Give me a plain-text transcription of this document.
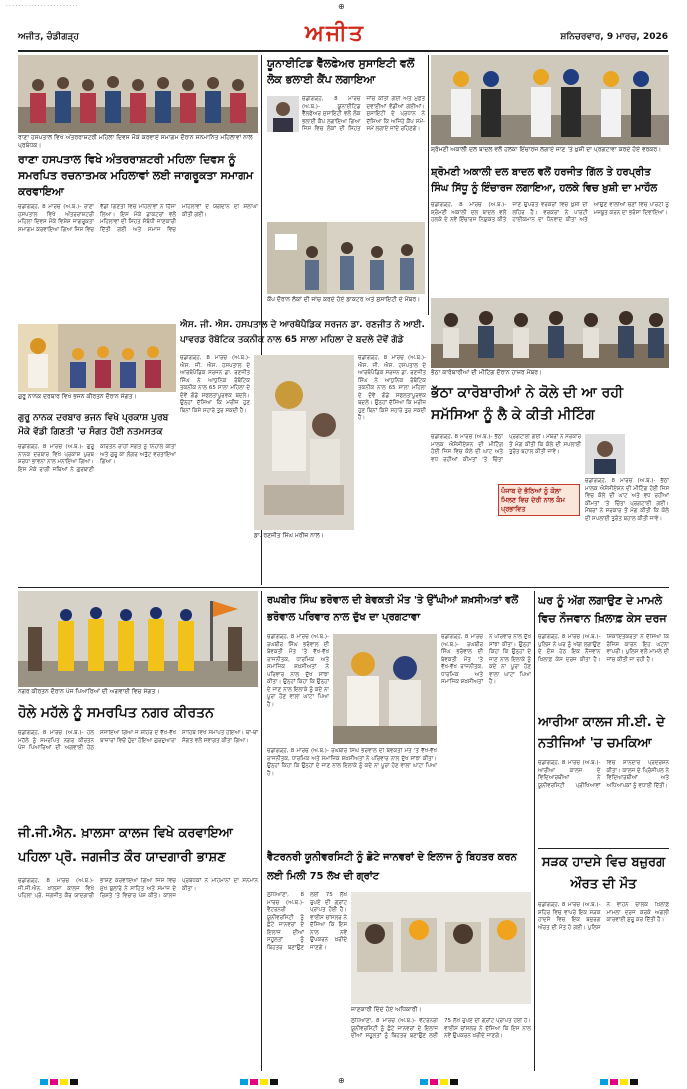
· · · · · · · · · · · · · · · · · · · · · · ·	⊕
ਅਜੀਤ, ਚੰਡੀਗੜ੍ਹ	ਅਜੀਤ	ਸ਼ਨਿਚਰਵਾਰ, 9 ਮਾਰਚ, 2026
ਰਾਣਾ ਹਸਪਤਾਲ ਵਿਖੇ ਅੰਤਰਰਾਸ਼ਟਰੀ ਮਹਿਲਾ ਦਿਵਸ ਮੌਕੇ ਕਰਵਾਏ ਸਮਾਗਮ ਦੌਰਾਨ ਸਨਮਾਨਿਤ ਮਹਿਲਾਵਾਂ ਨਾਲ ਪ੍ਰਬੰਧਕ।
ਰਾਣਾ ਹਸਪਤਾਲ ਵਿਖੇ ਅੰਤਰਰਾਸ਼ਟਰੀ ਮਹਿਲਾ ਦਿਵਸ ਨੂੰ ਸਮਰਪਿਤ ਰਚਨਾਤਮਕ ਮਹਿਲਾਵਾਂ ਲਈ ਜਾਗਰੂਕਤਾ ਸਮਾਗਮ ਕਰਵਾਇਆ
ਚੰਡੀਗੜ੍ਹ, 8 ਮਾਰਚ (ਅ.ਬ.)- ਰਾਣਾ ਹਸਪਤਾਲ ਵਿਖੇ ਅੰਤਰਰਾਸ਼ਟਰੀ ਮਹਿਲਾ ਦਿਵਸ ਮੌਕੇ ਵਿਸ਼ੇਸ਼ ਜਾਗਰੂਕਤਾ ਸਮਾਗਮ ਕਰਵਾਇਆ ਗਿਆ ਜਿਸ ਵਿਚ ਵੱਡੀ ਗਿਣਤੀ ਵਿਚ ਮਹਿਲਾਵਾਂ ਨੇ ਹਿੱਸਾ ਲਿਆ। ਇਸ ਮੌਕੇ ਡਾਕਟਰਾਂ ਵਲੋਂ ਮਹਿਲਾਵਾਂ ਦੀ ਸਿਹਤ ਸੰਬੰਧੀ ਜਾਣਕਾਰੀ ਦਿੱਤੀ ਗਈ ਅਤੇ ਸਮਾਜ ਵਿਚ ਮਹਿਲਾਵਾਂ ਦੇ ਯੋਗਦਾਨ ਦੀ ਸ਼ਲਾਘਾ ਕੀਤੀ ਗਈ।
ਯੂਨਾਈਟਿਡ ਵੈੱਲਫੇਅਰ ਸੁਸਾਇਟੀ ਵਲੋਂ ਲੋਕ ਭਲਾਈ ਕੈਂਪ ਲਗਾਇਆ
ਚੰਡੀਗੜ੍ਹ, 8 ਮਾਰਚ (ਅ.ਬ.)- ਯੂਨਾਈਟਿਡ ਵੈੱਲਫੇਅਰ ਸੁਸਾਇਟੀ ਵਲੋਂ ਲੋਕ ਭਲਾਈ ਕੈਂਪ ਲਗਾਇਆ ਗਿਆ ਜਿਸ ਵਿਚ ਲੋਕਾਂ ਦੀ ਸਿਹਤ ਜਾਂਚ ਕੀਤੀ ਗਈ ਅਤੇ ਮੁਫ਼ਤ ਦਵਾਈਆਂ ਵੰਡੀਆਂ ਗਈਆਂ। ਸੁਸਾਇਟੀ ਦੇ ਪ੍ਰਧਾਨ ਨੇ ਦੱਸਿਆ ਕਿ ਅਜਿਹੇ ਕੈਂਪ ਸਮੇਂ-ਸਮੇਂ ਲਗਾਏ ਜਾਂਦੇ ਰਹਿਣਗੇ।
ਕੈਂਪ ਦੌਰਾਨ ਲੋਕਾਂ ਦੀ ਜਾਂਚ ਕਰਦੇ ਹੋਏ ਡਾਕਟਰ ਅਤੇ ਸੁਸਾਇਟੀ ਦੇ ਮੈਂਬਰ।
ਸ਼੍ਰੋਮਣੀ ਅਕਾਲੀ ਦਲ ਬਾਦਲ ਵਲੋਂ ਹਲਕਾ ਇੰਚਾਰਜ ਲਗਾਏ ਜਾਣ 'ਤੇ ਖ਼ੁਸ਼ੀ ਦਾ ਪ੍ਰਗਟਾਵਾ ਕਰਦੇ ਹੋਏ ਵਰਕਰ।
ਸ਼੍ਰੋਮਣੀ ਅਕਾਲੀ ਦਲ ਬਾਦਲ ਵਲੋਂ ਹਰਜੀਤ ਗਿੱਲ ਤੇ ਹਰਪ੍ਰੀਤ ਸਿੰਘ ਸਿੱਧੂ ਨੂੰ ਇੰਚਾਰਜ ਲਗਾਇਆ, ਹਲਕੇ ਵਿਚ ਖ਼ੁਸ਼ੀ ਦਾ ਮਾਹੌਲ
ਚੰਡੀਗੜ੍ਹ, 8 ਮਾਰਚ (ਅ.ਬ.)- ਸ਼੍ਰੋਮਣੀ ਅਕਾਲੀ ਦਲ ਬਾਦਲ ਵਲੋਂ ਹਲਕੇ ਦੇ ਨਵੇਂ ਇੰਚਾਰਜ ਨਿਯੁਕਤ ਕੀਤੇ ਜਾਣ ਉਪਰੰਤ ਵਰਕਰਾਂ ਵਿਚ ਖ਼ੁਸ਼ੀ ਦੀ ਲਹਿਰ ਹੈ। ਵਰਕਰਾਂ ਨੇ ਪਾਰਟੀ ਹਾਈਕਮਾਨ ਦਾ ਧੰਨਵਾਦ ਕੀਤਾ ਅਤੇ ਆਉਣ ਵਾਲੀਆਂ ਚੋਣਾਂ ਵਿਚ ਪਾਰਟੀ ਨੂੰ ਮਜ਼ਬੂਤ ਕਰਨ ਦਾ ਭਰੋਸਾ ਦਿਵਾਇਆ।
ਭੱਠਾ ਕਾਰੋਬਾਰੀਆਂ ਦੀ ਮੀਟਿੰਗ ਦੌਰਾਨ ਹਾਜ਼ਰ ਮੈਂਬਰ।
ਐਸ. ਜੀ. ਐਸ. ਹਸਪਤਾਲ ਦੇ ਆਰਥੋਪੈਡਿਕ ਸਰਜਨ ਡਾ. ਰਣਜੀਤ ਨੇ ਆਈ. ਪਾਵਰਡ ਰੋਬੋਟਿਕ ਤਕਨੀਕ ਨਾਲ 65 ਸਾਲਾ ਮਹਿਲਾ ਦੇ ਬਦਲੇ ਦੋਵੇਂ ਗੋਡੇ
ਚੰਡੀਗੜ੍ਹ, 8 ਮਾਰਚ (ਅ.ਬ.)- ਐਸ. ਜੀ. ਐਸ. ਹਸਪਤਾਲ ਦੇ ਆਰਥੋਪੈਡਿਕ ਸਰਜਨ ਡਾ. ਰਣਜੀਤ ਸਿੰਘ ਨੇ ਆਧੁਨਿਕ ਰੋਬੋਟਿਕ ਤਕਨੀਕ ਨਾਲ 65 ਸਾਲਾ ਮਹਿਲਾ ਦੇ ਦੋਵੇਂ ਗੋਡੇ ਸਫਲਤਾਪੂਰਵਕ ਬਦਲੇ। ਉਨ੍ਹਾਂ ਦੱਸਿਆ ਕਿ ਮਰੀਜ਼ ਹੁਣ ਬਿਨਾਂ ਕਿਸੇ ਸਹਾਰੇ ਤੁਰ ਸਕਦੀ ਹੈ।
ਡਾ. ਰਣਜੀਤ ਸਿੰਘ ਮਰੀਜ਼ ਨਾਲ।
ਚੰਡੀਗੜ੍ਹ, 8 ਮਾਰਚ (ਅ.ਬ.)- ਐਸ. ਜੀ. ਐਸ. ਹਸਪਤਾਲ ਦੇ ਆਰਥੋਪੈਡਿਕ ਸਰਜਨ ਡਾ. ਰਣਜੀਤ ਸਿੰਘ ਨੇ ਆਧੁਨਿਕ ਰੋਬੋਟਿਕ ਤਕਨੀਕ ਨਾਲ 65 ਸਾਲਾ ਮਹਿਲਾ ਦੇ ਦੋਵੇਂ ਗੋਡੇ ਸਫਲਤਾਪੂਰਵਕ ਬਦਲੇ। ਉਨ੍ਹਾਂ ਦੱਸਿਆ ਕਿ ਮਰੀਜ਼ ਹੁਣ ਬਿਨਾਂ ਕਿਸੇ ਸਹਾਰੇ ਤੁਰ ਸਕਦੀ ਹੈ।
ਗੁਰੂ ਨਾਨਕ ਦਰਬਾਰ ਵਿਖੇ ਭਜਨ ਕੀਰਤਨ ਦੌਰਾਨ ਸੰਗਤ।
ਗੁਰੂ ਨਾਨਕ ਦਰਬਾਰ ਭਜਨ ਵਿਖੇ ਪ੍ਰਕਾਸ਼ ਪੁਰਬ ਮੌਕੇ ਵੱਡੀ ਗਿਣਤੀ 'ਚ ਸੰਗਤ ਹੋਈ ਨਤਮਸਤਕ
ਚੰਡੀਗੜ੍ਹ, 8 ਮਾਰਚ (ਅ.ਬ.)- ਗੁਰੂ ਨਾਨਕ ਦਰਬਾਰ ਵਿਖੇ ਪ੍ਰਕਾਸ਼ ਪੁਰਬ ਸ਼ਰਧਾ ਭਾਵਨਾ ਨਾਲ ਮਨਾਇਆ ਗਿਆ। ਇਸ ਮੌਕੇ ਰਾਗੀ ਜਥਿਆਂ ਨੇ ਗੁਰਬਾਣੀ ਕੀਰਤਨ ਰਾਹੀਂ ਸੰਗਤ ਨੂੰ ਨਿਹਾਲ ਕੀਤਾ ਅਤੇ ਗੁਰੂ ਕਾ ਲੰਗਰ ਅਤੁੱਟ ਵਰਤਾਇਆ ਗਿਆ।
ਭੱਠਾ ਕਾਰੋਬਾਰੀਆਂ ਨੇ ਕੋਲੇ ਦੀ ਆ ਰਹੀ ਸਮੱਸਿਆ ਨੂੰ ਲੈ ਕੇ ਕੀਤੀ ਮੀਟਿੰਗ
ਚੰਡੀਗੜ੍ਹ, 8 ਮਾਰਚ (ਅ.ਬ.)- ਭੱਠਾ ਮਾਲਕ ਐਸੋਸੀਏਸ਼ਨ ਦੀ ਮੀਟਿੰਗ ਹੋਈ ਜਿਸ ਵਿਚ ਕੋਲੇ ਦੀ ਘਾਟ ਅਤੇ ਵਧ ਰਹੀਆਂ ਕੀਮਤਾਂ 'ਤੇ ਚਿੰਤਾ ਪ੍ਰਗਟਾਈ ਗਈ। ਮੈਂਬਰਾਂ ਨੇ ਸਰਕਾਰ ਤੋਂ ਮੰਗ ਕੀਤੀ ਕਿ ਕੋਲੇ ਦੀ ਸਪਲਾਈ ਤੁਰੰਤ ਬਹਾਲ ਕੀਤੀ ਜਾਵੇ।
ਪੰਜਾਬ ਦੇ ਭੱਠਿਆਂ ਨੂੰ ਕੋਲਾ ਮਿਲਣ ਵਿਚ ਦੇਰੀ ਨਾਲ ਕੰਮ ਪ੍ਰਭਾਵਿਤ
ਚੰਡੀਗੜ੍ਹ, 8 ਮਾਰਚ (ਅ.ਬ.)- ਭੱਠਾ ਮਾਲਕ ਐਸੋਸੀਏਸ਼ਨ ਦੀ ਮੀਟਿੰਗ ਹੋਈ ਜਿਸ ਵਿਚ ਕੋਲੇ ਦੀ ਘਾਟ ਅਤੇ ਵਧ ਰਹੀਆਂ ਕੀਮਤਾਂ 'ਤੇ ਚਿੰਤਾ ਪ੍ਰਗਟਾਈ ਗਈ। ਮੈਂਬਰਾਂ ਨੇ ਸਰਕਾਰ ਤੋਂ ਮੰਗ ਕੀਤੀ ਕਿ ਕੋਲੇ ਦੀ ਸਪਲਾਈ ਤੁਰੰਤ ਬਹਾਲ ਕੀਤੀ ਜਾਵੇ।
ਨਗਰ ਕੀਰਤਨ ਦੌਰਾਨ ਪੰਜ ਪਿਆਰਿਆਂ ਦੀ ਅਗਵਾਈ ਵਿਚ ਸੰਗਤ।
ਹੋਲੇ ਮਹੱਲੇ ਨੂੰ ਸਮਰਪਿਤ ਨਗਰ ਕੀਰਤਨ
ਚੰਡੀਗੜ੍ਹ, 8 ਮਾਰਚ (ਅ.ਬ.)- ਹੋਲੇ ਮਹੱਲੇ ਨੂੰ ਸਮਰਪਿਤ ਨਗਰ ਕੀਰਤਨ ਪੰਜ ਪਿਆਰਿਆਂ ਦੀ ਅਗਵਾਈ ਹੇਠ ਸਜਾਇਆ ਗਿਆ ਜੋ ਸ਼ਹਿਰ ਦੇ ਵੱਖ-ਵੱਖ ਬਾਜ਼ਾਰਾਂ ਵਿਚੋਂ ਹੁੰਦਾ ਹੋਇਆ ਗੁਰਦੁਆਰਾ ਸਾਹਿਬ ਵਿਖੇ ਸਮਾਪਤ ਹੋਇਆ। ਥਾਂ-ਥਾਂ ਸੰਗਤ ਵਲੋਂ ਸਵਾਗਤ ਕੀਤਾ ਗਿਆ।
ਰਘਬੀਰ ਸਿੰਘ ਭਰੋਵਾਲ ਦੀ ਬੇਵਕਤੀ ਮੌਤ 'ਤੇ ਉੱਘੀਆਂ ਸ਼ਖ਼ਸੀਅਤਾਂ ਵਲੋਂ ਭਰੋਵਾਲ ਪਰਿਵਾਰ ਨਾਲ ਦੁੱਖ ਦਾ ਪ੍ਰਗਟਾਵਾ
ਚੰਡੀਗੜ੍ਹ, 8 ਮਾਰਚ (ਅ.ਬ.)- ਰਘਬੀਰ ਸਿੰਘ ਭਰੋਵਾਲ ਦੀ ਬੇਵਕਤੀ ਮੌਤ 'ਤੇ ਵੱਖ-ਵੱਖ ਰਾਜਨੀਤਕ, ਧਾਰਮਿਕ ਅਤੇ ਸਮਾਜਿਕ ਸ਼ਖ਼ਸੀਅਤਾਂ ਨੇ ਪਰਿਵਾਰ ਨਾਲ ਦੁੱਖ ਸਾਂਝਾ ਕੀਤਾ। ਉਨ੍ਹਾਂ ਕਿਹਾ ਕਿ ਉਨ੍ਹਾਂ ਦੇ ਜਾਣ ਨਾਲ ਇਲਾਕੇ ਨੂੰ ਕਦੇ ਨਾ ਪੂਰਾ ਹੋਣ ਵਾਲਾ ਘਾਟਾ ਪਿਆ ਹੈ।
ਚੰਡੀਗੜ੍ਹ, 8 ਮਾਰਚ (ਅ.ਬ.)- ਰਘਬੀਰ ਸਿੰਘ ਭਰੋਵਾਲ ਦੀ ਬੇਵਕਤੀ ਮੌਤ 'ਤੇ ਵੱਖ-ਵੱਖ ਰਾਜਨੀਤਕ, ਧਾਰਮਿਕ ਅਤੇ ਸਮਾਜਿਕ ਸ਼ਖ਼ਸੀਅਤਾਂ ਨੇ ਪਰਿਵਾਰ ਨਾਲ ਦੁੱਖ ਸਾਂਝਾ ਕੀਤਾ। ਉਨ੍ਹਾਂ ਕਿਹਾ ਕਿ ਉਨ੍ਹਾਂ ਦੇ ਜਾਣ ਨਾਲ ਇਲਾਕੇ ਨੂੰ ਕਦੇ ਨਾ ਪੂਰਾ ਹੋਣ ਵਾਲਾ ਘਾਟਾ ਪਿਆ ਹੈ।
ਚੰਡੀਗੜ੍ਹ, 8 ਮਾਰਚ (ਅ.ਬ.)- ਰਘਬੀਰ ਸਿੰਘ ਭਰੋਵਾਲ ਦੀ ਬੇਵਕਤੀ ਮੌਤ 'ਤੇ ਵੱਖ-ਵੱਖ ਰਾਜਨੀਤਕ, ਧਾਰਮਿਕ ਅਤੇ ਸਮਾਜਿਕ ਸ਼ਖ਼ਸੀਅਤਾਂ ਨੇ ਪਰਿਵਾਰ ਨਾਲ ਦੁੱਖ ਸਾਂਝਾ ਕੀਤਾ। ਉਨ੍ਹਾਂ ਕਿਹਾ ਕਿ ਉਨ੍ਹਾਂ ਦੇ ਜਾਣ ਨਾਲ ਇਲਾਕੇ ਨੂੰ ਕਦੇ ਨਾ ਪੂਰਾ ਹੋਣ ਵਾਲਾ ਘਾਟਾ ਪਿਆ ਹੈ।
ਘਰ ਨੂੰ ਅੱਗ ਲਗਾਉਣ ਦੇ ਮਾਮਲੇ ਵਿਚ ਨੌਜਵਾਨ ਖ਼ਿਲਾਫ਼ ਕੇਸ ਦਰਜ
ਚੰਡੀਗੜ੍ਹ, 8 ਮਾਰਚ (ਅ.ਬ.)- ਪੁਲਿਸ ਨੇ ਘਰ ਨੂੰ ਅੱਗ ਲਗਾਉਣ ਦੇ ਦੋਸ਼ ਹੇਠ ਇਕ ਨੌਜਵਾਨ ਖ਼ਿਲਾਫ਼ ਕੇਸ ਦਰਜ ਕੀਤਾ ਹੈ। ਸ਼ਿਕਾਇਤਕਰਤਾ ਨੇ ਦੱਸਿਆ ਕਿ ਰੰਜਿਸ਼ ਕਾਰਨ ਇਹ ਘਟਨਾ ਵਾਪਰੀ। ਪੁਲਿਸ ਵਲੋਂ ਮਾਮਲੇ ਦੀ ਜਾਂਚ ਕੀਤੀ ਜਾ ਰਹੀ ਹੈ।
ਆਰੀਆ ਕਾਲਜ ਸੀ.ਈ. ਦੇ ਨਤੀਜਿਆਂ 'ਚ ਚਮਕਿਆ
ਚੰਡੀਗੜ੍ਹ, 8 ਮਾਰਚ (ਅ.ਬ.)- ਆਰੀਆ ਕਾਲਜ ਦੇ ਵਿਦਿਆਰਥੀਆਂ ਨੇ ਯੂਨੀਵਰਸਿਟੀ ਪ੍ਰੀਖਿਆਵਾਂ ਵਿਚ ਸ਼ਾਨਦਾਰ ਪ੍ਰਦਰਸ਼ਨ ਕੀਤਾ। ਕਾਲਜ ਦੇ ਪ੍ਰਿੰਸੀਪਲ ਨੇ ਵਿਦਿਆਰਥੀਆਂ ਅਤੇ ਅਧਿਆਪਕਾਂ ਨੂੰ ਵਧਾਈ ਦਿੱਤੀ।
ਜੀ.ਜੀ.ਐਨ. ਖ਼ਾਲਸਾ ਕਾਲਜ ਵਿਖੇ ਕਰਵਾਇਆ ਪਹਿਲਾ ਪ੍ਰੋ. ਜਗਜੀਤ ਕੌਰ ਯਾਦਗਾਰੀ ਭਾਸ਼ਣ
ਚੰਡੀਗੜ੍ਹ, 8 ਮਾਰਚ (ਅ.ਬ.)- ਜੀ.ਜੀ.ਐਨ. ਖ਼ਾਲਸਾ ਕਾਲਜ ਵਿਖੇ ਪਹਿਲਾ ਪ੍ਰੋ. ਜਗਜੀਤ ਕੌਰ ਯਾਦਗਾਰੀ ਭਾਸ਼ਣ ਕਰਵਾਇਆ ਗਿਆ ਜਿਸ ਵਿਚ ਮੁੱਖ ਬੁਲਾਰੇ ਨੇ ਸਾਹਿਤ ਅਤੇ ਸਮਾਜ ਦੇ ਰਿਸ਼ਤੇ 'ਤੇ ਵਿਚਾਰ ਪੇਸ਼ ਕੀਤੇ। ਕਾਲਜ ਪ੍ਰਬੰਧਕਾਂ ਨੇ ਮਹਿਮਾਨਾਂ ਦਾ ਸਨਮਾਨ ਕੀਤਾ।
ਵੈਟਰਨਰੀ ਯੂਨੀਵਰਸਿਟੀ ਨੂੰ ਛੋਟੇ ਜਾਨਵਰਾਂ ਦੇ ਇਲਾਜ ਨੂੰ ਬਿਹਤਰ ਕਰਨ ਲਈ ਮਿਲੀ 75 ਲੱਖ ਦੀ ਗ੍ਰਾਂਟ
ਲੁਧਿਆਣਾ, 8 ਮਾਰਚ (ਅ.ਬ.)- ਵੈਟਰਨਰੀ ਯੂਨੀਵਰਸਿਟੀ ਨੂੰ ਛੋਟੇ ਜਾਨਵਰਾਂ ਦੇ ਇਲਾਜ ਦੀਆਂ ਸਹੂਲਤਾਂ ਨੂੰ ਬਿਹਤਰ ਬਣਾਉਣ ਲਈ 75 ਲੱਖ ਰੁਪਏ ਦੀ ਗ੍ਰਾਂਟ ਪ੍ਰਾਪਤ ਹੋਈ ਹੈ। ਵਾਈਸ ਚਾਂਸਲਰ ਨੇ ਦੱਸਿਆ ਕਿ ਇਸ ਨਾਲ ਨਵੇਂ ਉਪਕਰਨ ਖ਼ਰੀਦੇ ਜਾਣਗੇ।
ਜਾਣਕਾਰੀ ਦਿੰਦੇ ਹੋਏ ਅਧਿਕਾਰੀ।
ਲੁਧਿਆਣਾ, 8 ਮਾਰਚ (ਅ.ਬ.)- ਵੈਟਰਨਰੀ ਯੂਨੀਵਰਸਿਟੀ ਨੂੰ ਛੋਟੇ ਜਾਨਵਰਾਂ ਦੇ ਇਲਾਜ ਦੀਆਂ ਸਹੂਲਤਾਂ ਨੂੰ ਬਿਹਤਰ ਬਣਾਉਣ ਲਈ 75 ਲੱਖ ਰੁਪਏ ਦੀ ਗ੍ਰਾਂਟ ਪ੍ਰਾਪਤ ਹੋਈ ਹੈ। ਵਾਈਸ ਚਾਂਸਲਰ ਨੇ ਦੱਸਿਆ ਕਿ ਇਸ ਨਾਲ ਨਵੇਂ ਉਪਕਰਨ ਖ਼ਰੀਦੇ ਜਾਣਗੇ।
ਸੜਕ ਹਾਦਸੇ ਵਿਚ ਬਜ਼ੁਰਗ ਔਰਤ ਦੀ ਮੌਤ
ਚੰਡੀਗੜ੍ਹ, 8 ਮਾਰਚ (ਅ.ਬ.)- ਸ਼ਹਿਰ ਵਿਚ ਵਾਪਰੇ ਇਕ ਸੜਕ ਹਾਦਸੇ ਵਿਚ ਇਕ ਬਜ਼ੁਰਗ ਔਰਤ ਦੀ ਮੌਤ ਹੋ ਗਈ। ਪੁਲਿਸ ਨੇ ਵਾਹਨ ਚਾਲਕ ਖ਼ਿਲਾਫ਼ ਮਾਮਲਾ ਦਰਜ ਕਰਕੇ ਅਗਲੀ ਕਾਰਵਾਈ ਸ਼ੁਰੂ ਕਰ ਦਿੱਤੀ ਹੈ।
⊕
